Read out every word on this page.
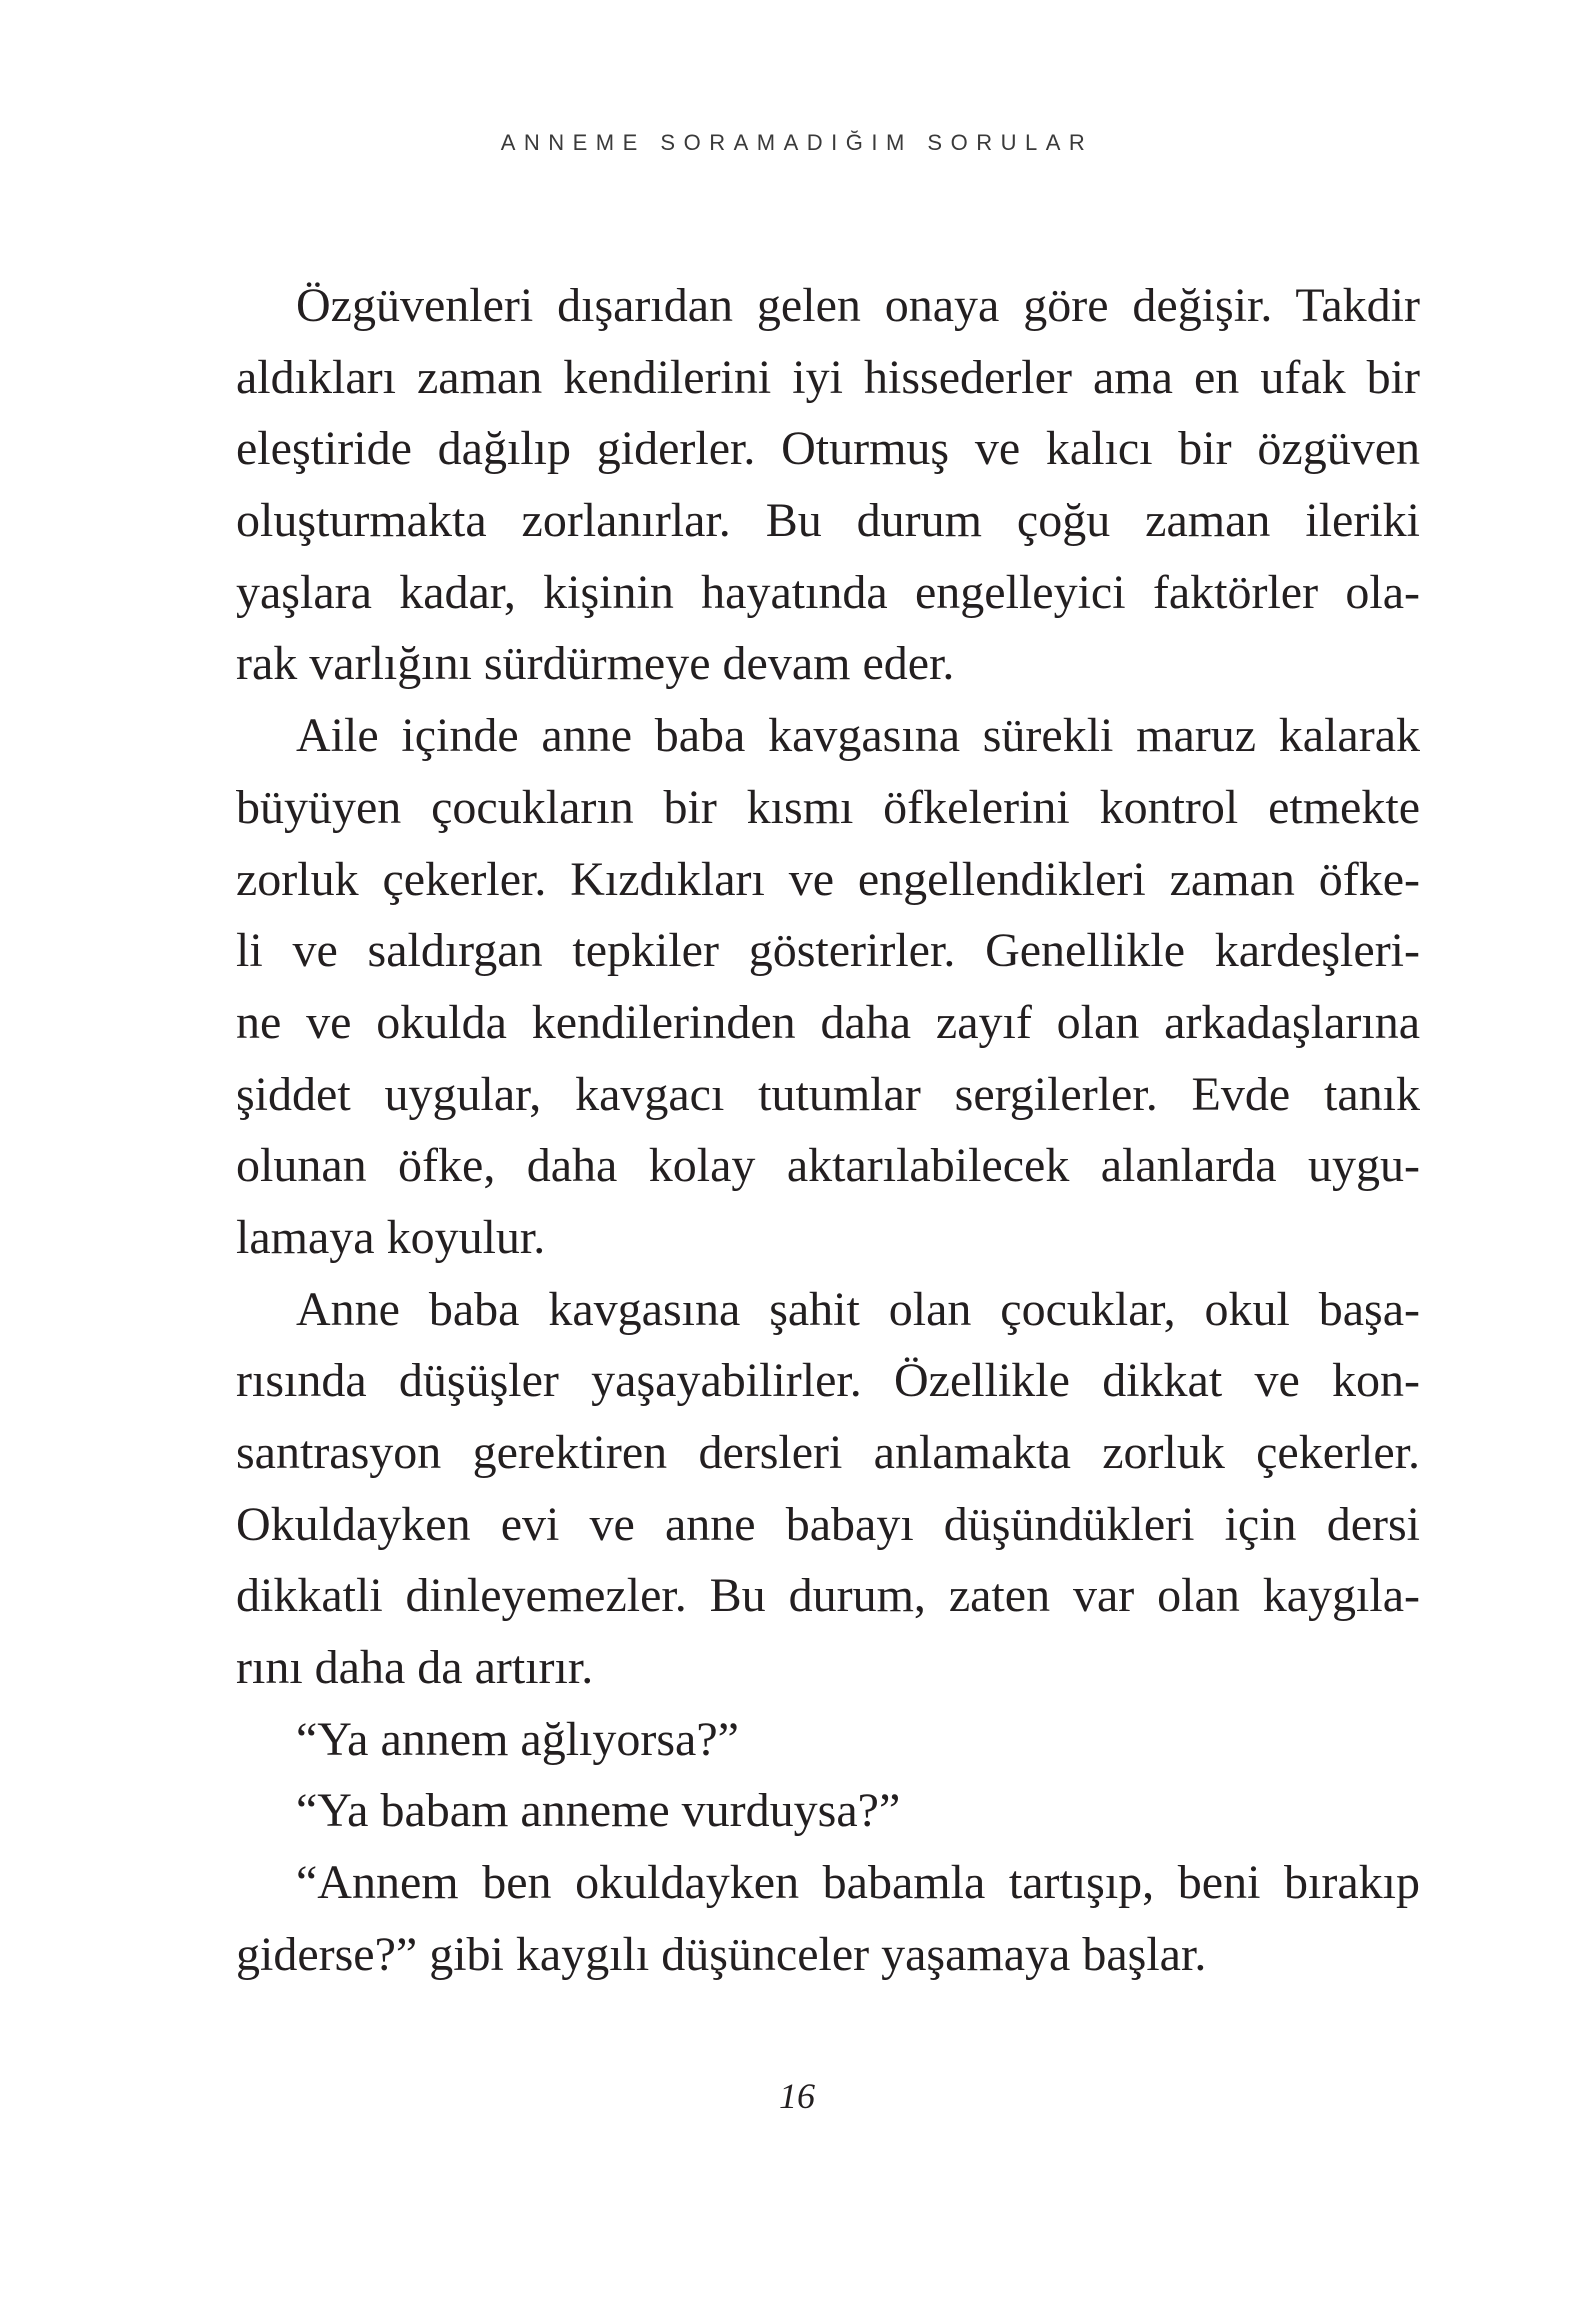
ANNEME SORAMADIĞIM SORULAR
Özgüvenleri dışarıdan gelen onaya göre değişir. Takdir
aldıkları zaman kendilerini iyi hissederler ama en ufak bir
eleştiride dağılıp giderler. Oturmuş ve kalıcı bir özgüven
oluşturmakta zorlanırlar. Bu durum çoğu zaman ileriki
yaşlara kadar, kişinin hayatında engelleyici faktörler ola-
rak varlığını sürdürmeye devam eder.
Aile içinde anne baba kavgasına sürekli maruz kalarak
büyüyen çocukların bir kısmı öfkelerini kontrol etmekte
zorluk çekerler. Kızdıkları ve engellendikleri zaman öfke-
li ve saldırgan tepkiler gösterirler. Genellikle kardeşleri-
ne ve okulda kendilerinden daha zayıf olan arkadaşlarına
şiddet uygular, kavgacı tutumlar sergilerler. Evde tanık
olunan öfke, daha kolay aktarılabilecek alanlarda uygu-
lamaya koyulur.
Anne baba kavgasına şahit olan çocuklar, okul başa-
rısında düşüşler yaşayabilirler. Özellikle dikkat ve kon-
santrasyon gerektiren dersleri anlamakta zorluk çekerler.
Okuldayken evi ve anne babayı düşündükleri için dersi
dikkatli dinleyemezler. Bu durum, zaten var olan kaygıla-
rını daha da artırır.
“Ya annem ağlıyorsa?”
“Ya babam anneme vurduysa?”
“Annem ben okuldayken babamla tartışıp, beni bırakıp
giderse?” gibi kaygılı düşünceler yaşamaya başlar.
16
